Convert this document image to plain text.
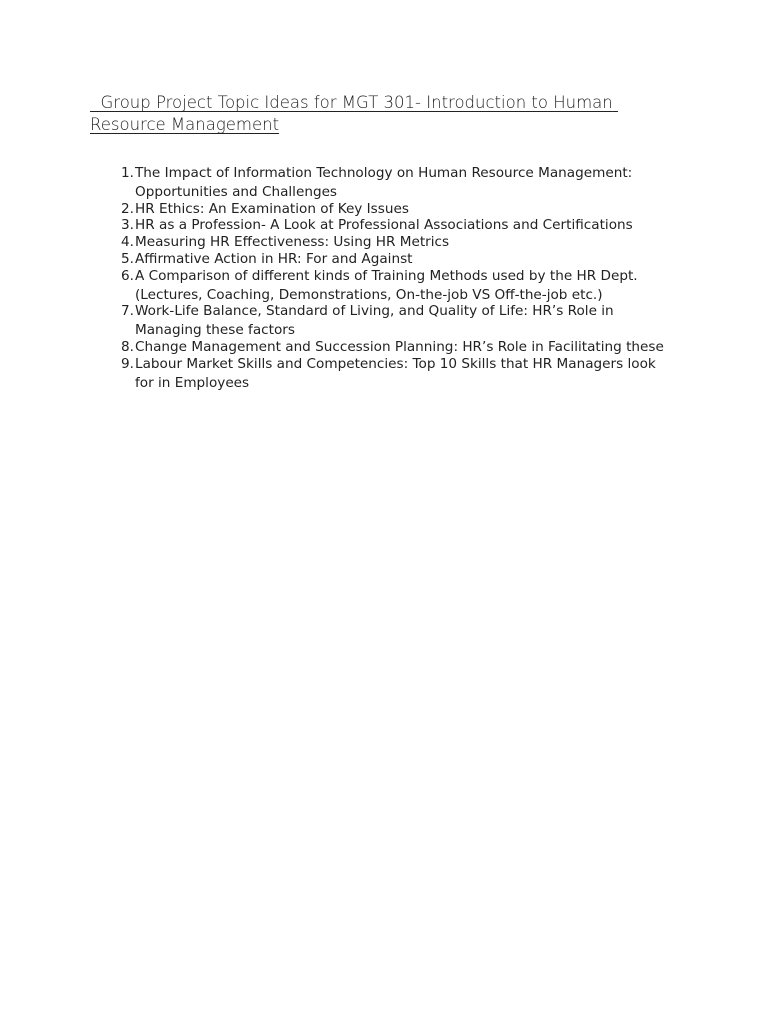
Group Project Topic Ideas for MGT 301- Introduction to Human Resource Management
1. The Impact of Information Technology on Human Resource Management:
Opportunities and Challenges
2. HR Ethics: An Examination of Key Issues
3. HR as a Profession- A Look at Professional Associations and Certifications
4. Measuring HR Effectiveness: Using HR Metrics
5. Affirmative Action in HR: For and Against
6. A Comparison of different kinds of Training Methods used by the HR Dept.
(Lectures, Coaching, Demonstrations, On-the-job VS Off-the-job etc.)
7. Work-Life Balance, Standard of Living, and Quality of Life: HR’s Role in
Managing these factors
8. Change Management and Succession Planning: HR’s Role in Facilitating these
9. Labour Market Skills and Competencies: Top 10 Skills that HR Managers look
for in Employees
